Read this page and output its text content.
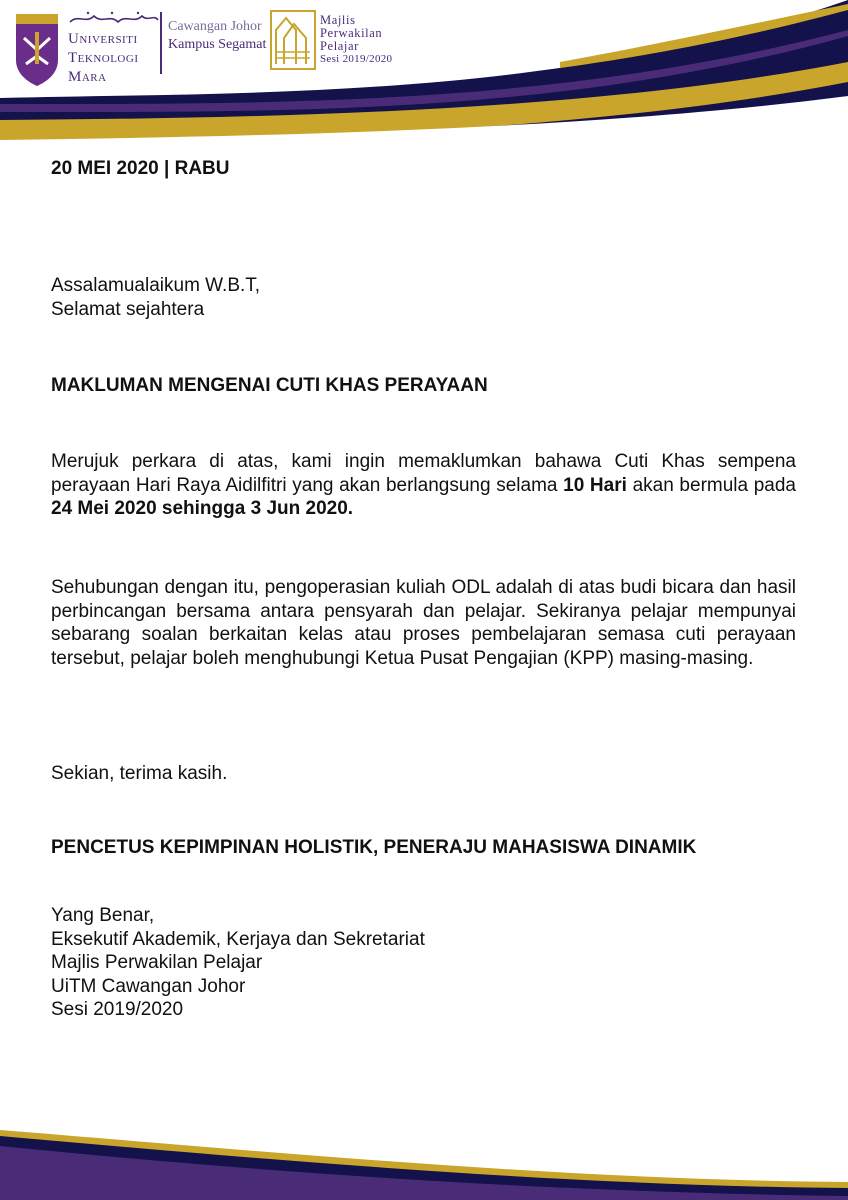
Universiti
Teknologi
Mara
Cawangan Johor
Kampus Segamat
Majlis
Perwakilan
Pelajar
Sesi 2019/2020
20 MEI 2020 | RABU
Assalamualaikum W.B.T,
Selamat sejahtera
MAKLUMAN MENGENAI CUTI KHAS PERAYAAN
Merujuk perkara di atas, kami ingin memaklumkan bahawa Cuti Khas sempena perayaan Hari Raya Aidilfitri yang akan berlangsung selama 10 Hari akan bermula pada 24 Mei 2020 sehingga 3 Jun 2020.
Sehubungan dengan itu, pengoperasian kuliah ODL adalah di atas budi bicara dan hasil perbincangan bersama antara pensyarah dan pelajar. Sekiranya pelajar mempunyai sebarang soalan berkaitan kelas atau proses pembelajaran semasa cuti perayaan tersebut, pelajar boleh menghubungi Ketua Pusat Pengajian (KPP) masing-masing.
Sekian, terima kasih.
PENCETUS KEPIMPINAN HOLISTIK, PENERAJU MAHASISWA DINAMIK
Yang Benar,
Eksekutif Akademik, Kerjaya dan Sekretariat
Majlis Perwakilan Pelajar
UiTM Cawangan Johor
Sesi 2019/2020
